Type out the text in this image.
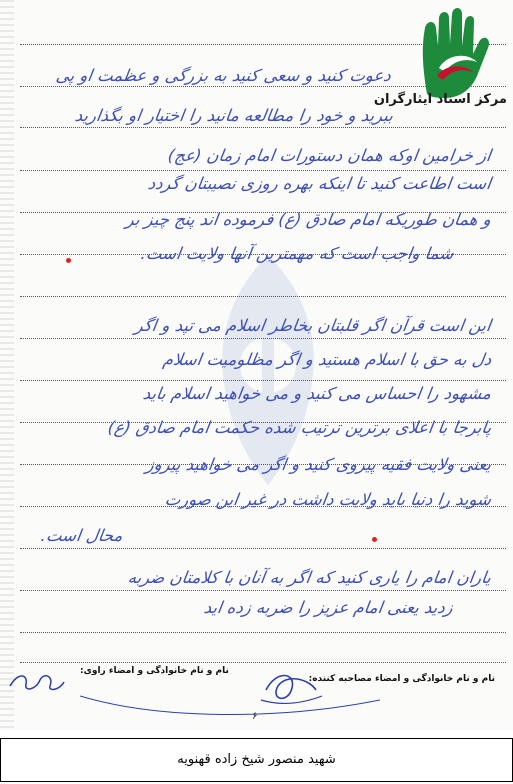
دعوت کنید و سعی کنید به بزرگی و عظمت او پی
ببرید و خود را مطالعه مانید را اختیار او بگذارید
از خرامین اوکه همان دستورات امام زمان (عج)
است اطاعت کنید تا اینکه بهره روزی نصیبتان گردد
و همان طوریکه امام صادق (ع) فرموده اند پنج چیز بر
شما واجب است که مهمترین آنها ولایت است.
این است قرآن اگر قلبتان بخاطر اسلام می تپد و اگر
دل به حق با اسلام هستید و اگر مظلومیت اسلام
مشهود را احساس می کنید و می خواهید اسلام باید
پابرجا با اعلای برترین ترتیب شده حکمت امام صادق (ع)
یعنی ولایت فقیه پیروی کنید و اگر می خواهید پیروز
شوید را دنیا باید ولایت داشت در غیر این صورت
محال است.
یاران امام را یاری کنید که اگر به آنان با کلامتان ضربه
زدید یعنی امام عزیز را ضربه زده اید
مرکز اسناد ایثارگران
نام و نام خانوادگی و امضاء مصاحبه کننده:
نام و نام خانوادگی و امضاء راوی:
۶
شهید منصور شیخ زاده قهنویه
